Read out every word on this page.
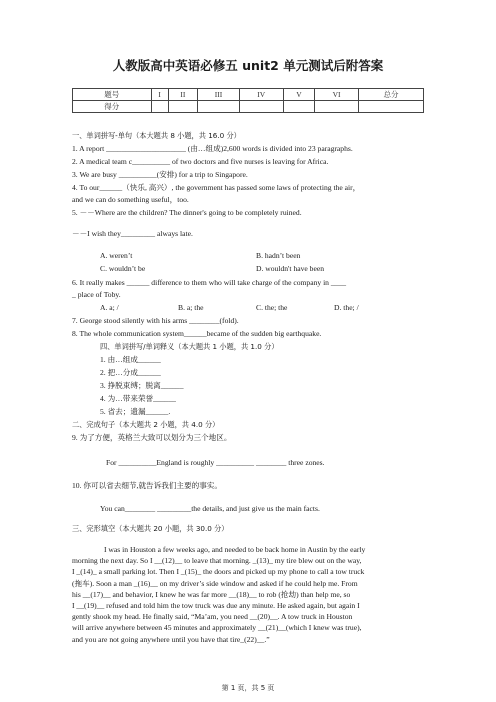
人教版高中英语必修五 unit2 单元测试后附答案
题号	I	II	III	IV	V	VI	总分
得分							
一、单词拼写-单句（本大题共 8 小题，共 16.0 分）
1. A report _____________________ (由…组成)2,600 words is divided into 23 paragraphs.
2. A medical team c__________ of two doctors and five nurses is leaving for Africa.
3. We are busy __________(安排) for a trip to Singapore.
4. To our______（快乐, 高兴）, the government has passed some laws of protecting the air，
and we can do something useful，too.
5. －－Where are the children? The dinner's going to be completely ruined.
－－I wish they_________ always late.
A. weren’t	B. hadn’t been
C. wouldn’t be	D. wouldn't have been
6. It really makes ______ difference to them who will take charge of the company in ____
_ place of Toby.
A. a; /	B. a; the	C. the; the	D. the; /
7. George stood silently with his arms ________(fold).
8. The whole communication system______became of the sudden big earthquake.
四、单词拼写/单词释义（本大题共 1 小题，共 1.0 分）
1. 由…组成______
2. 把…分成______
3. 挣脱束缚；脱离______
4. 为…带来荣誉______
5. 省去；遗漏______.
二、完成句子（本大题共 2 小题，共 4.0 分）
9. 为了方便，英格兰大致可以划分为三个地区。
For __________England is roughly __________ ________ three zones.
10. 你可以省去细节,就告诉我们主要的事实。
You can________ _________the details, and just give us the main facts.
三、完形填空（本大题共 20 小题，共 30.0 分）

I was in Houston a few weeks ago, and needed to be back home in Austin by the early

morning the next day. So I __(12)__ to leave that morning. _(13)_ my tire blew out on the way,

I _(14)_ a small parking lot. Then I _(15)_ the doors and picked up my phone to call a tow truck

(拖车). Soon a man _(16)__ on my driver’s side window and asked if he could help me. From

his __(17)__ and behavior, I knew he was far more __(18)__ to rob (抢劫) than help me, so

I __(19)__ refused and told him the tow truck was due any minute. He asked again, but again I

gently shook my head. He finally said, “Ma’am, you need __(20)__. A tow truck in Houston

will arrive anywhere between 45 minutes and approximately __(21)__(which I knew was true),

and you are not going anywhere until you have that tire_(22)__.”

第 1 页，共 5 页
